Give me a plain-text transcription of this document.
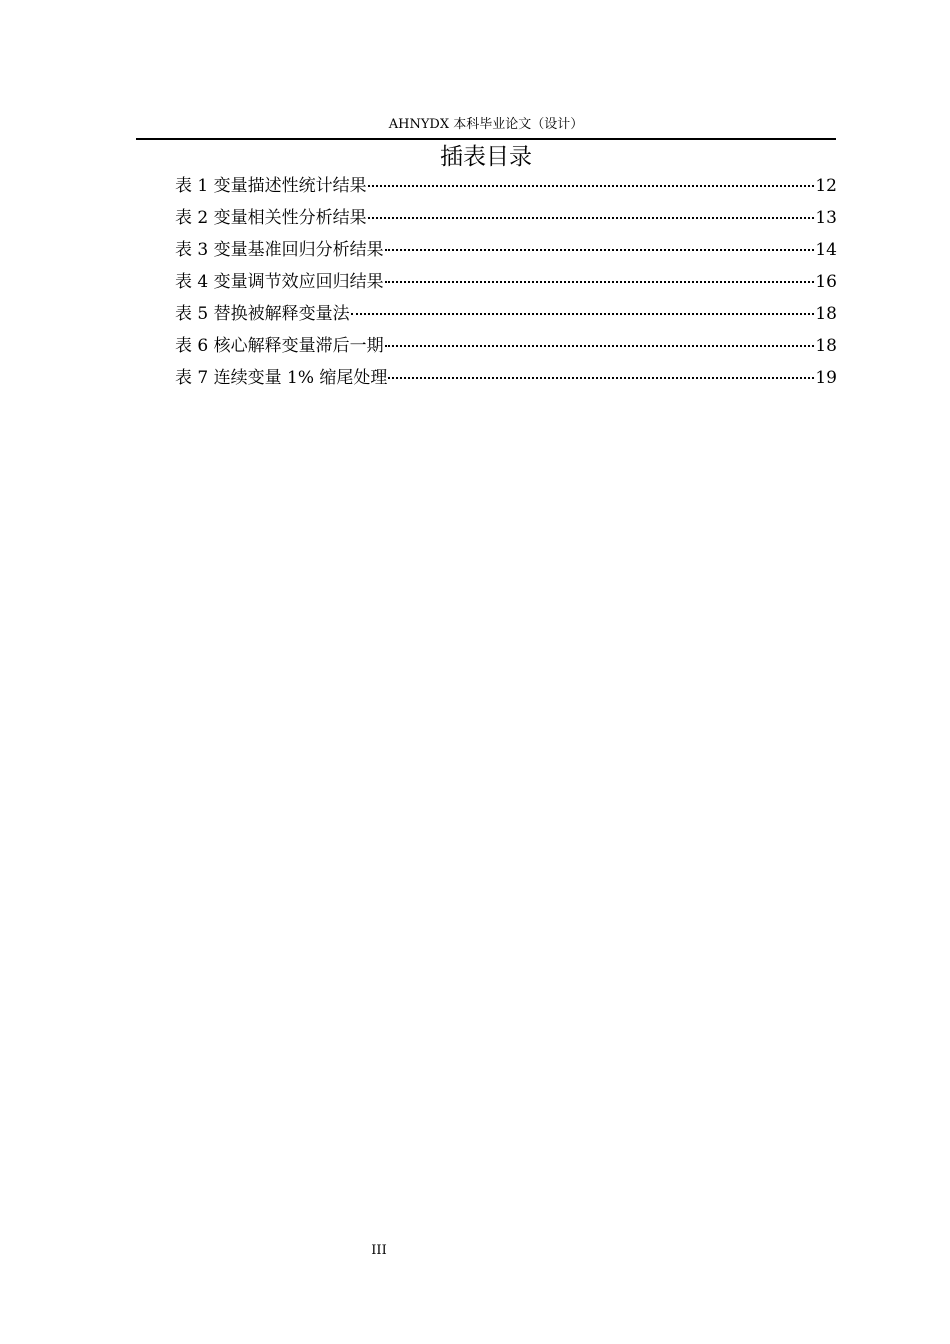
AHNYDX 本科毕业论文（设计）
插表目录
表 1 变量描述性统计结果	12
表 2 变量相关性分析结果	13
表 3 变量基准回归分析结果	14
表 4 变量调节效应回归结果	16
表 5 替换被解释变量法	18
表 6 核心解释变量滞后一期	18
表 7 连续变量 1% 缩尾处理	19
III
